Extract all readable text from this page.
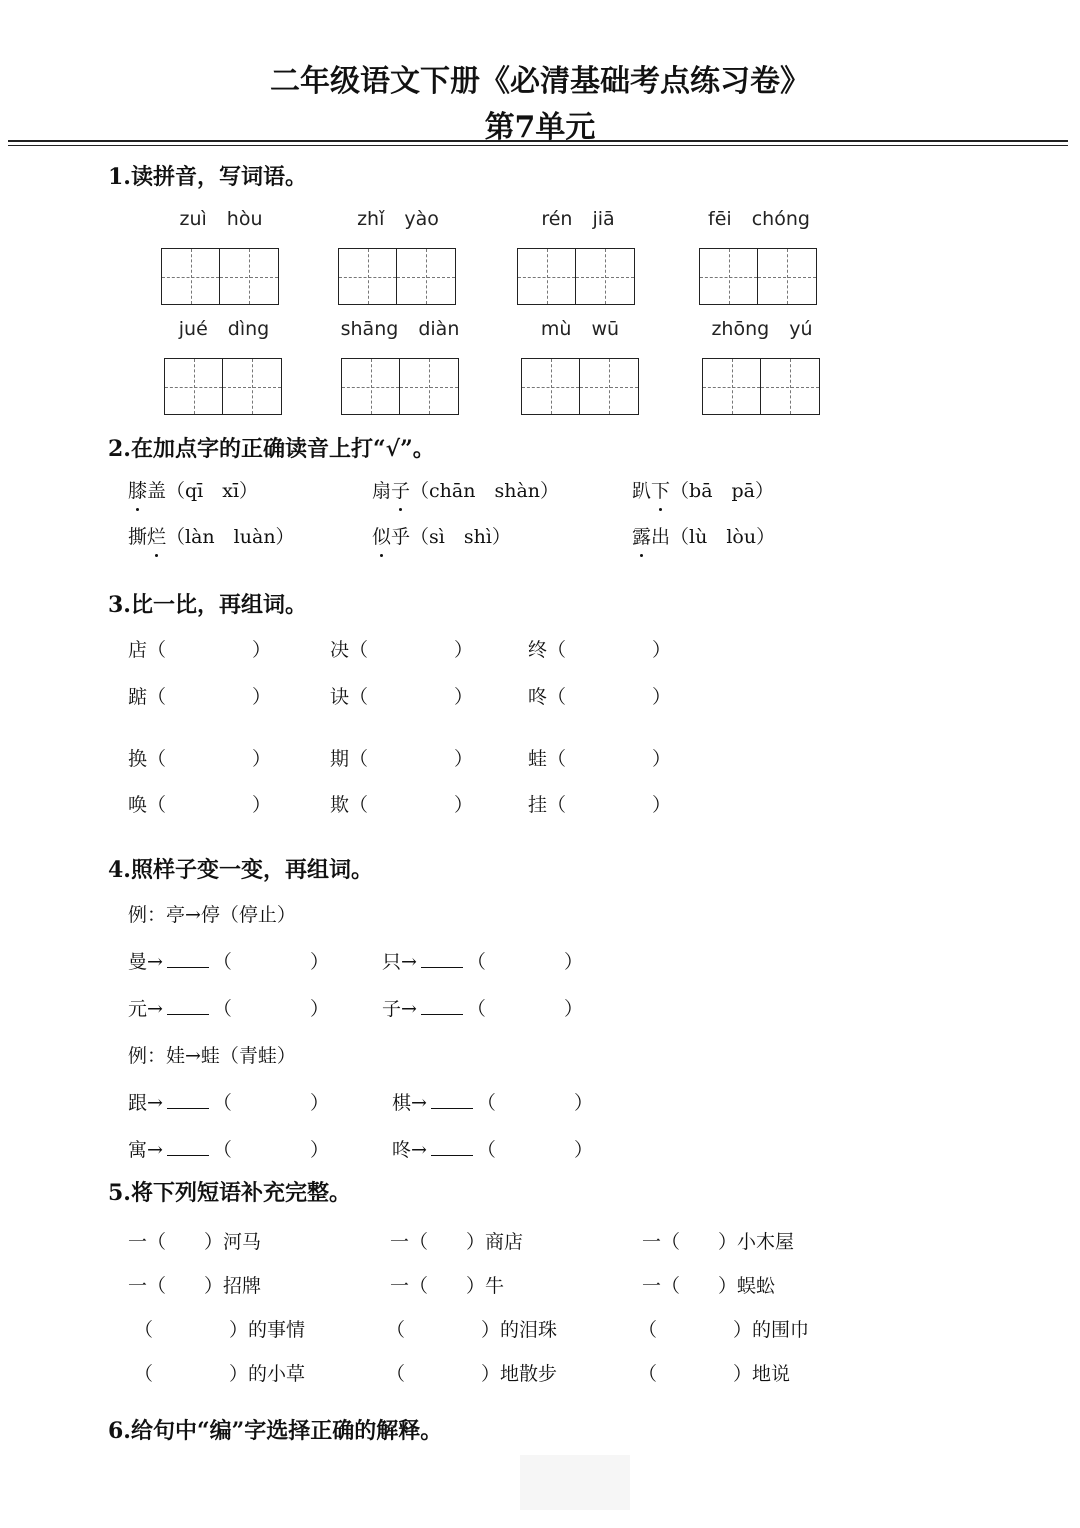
二年级语文下册《必清基础考点练习卷》
第7单元
1.读拼音，写词语。
zuì hòu	zhǐ yào	rén jiā	fēi chóng
jué dìng	shāng diàn	mù wū	zhōng yú
2.在加点字的正确读音上打“√”。
膝盖（qī　xī）	扇子（chān　shàn）	趴下（bā　pā）
撕烂（làn　luàn）	似乎（sì　shì）	露出（lù　lòu）
3.比一比，再组词。
店（	）	决（	）	终（	）
踮（	）	诀（	）	咚（	）
换（	）	期（	）	蛙（	）
唤（	）	欺（	）	挂（	）
4.照样子变一变，再组词。
例：亭→停（停止）
曼→	（	）	只→	（	）
元→	（	）	子→	（	）
例：娃→蛙（青蛙）
跟→	（	）	棋→	（	）
寓→	（	）	咚→	（	）
5.将下列短语补充完整。
一（　　）河马	一（　　）商店	一（　　）小木屋
一（　　）招牌	一（　　）牛	一（　　）蜈蚣
（　　　　）的事情	（　　　　）的泪珠	（　　　　）的围巾
（　　　　）的小草	（　　　　）地散步	（　　　　）地说
6.给句中“编”字选择正确的解释。
